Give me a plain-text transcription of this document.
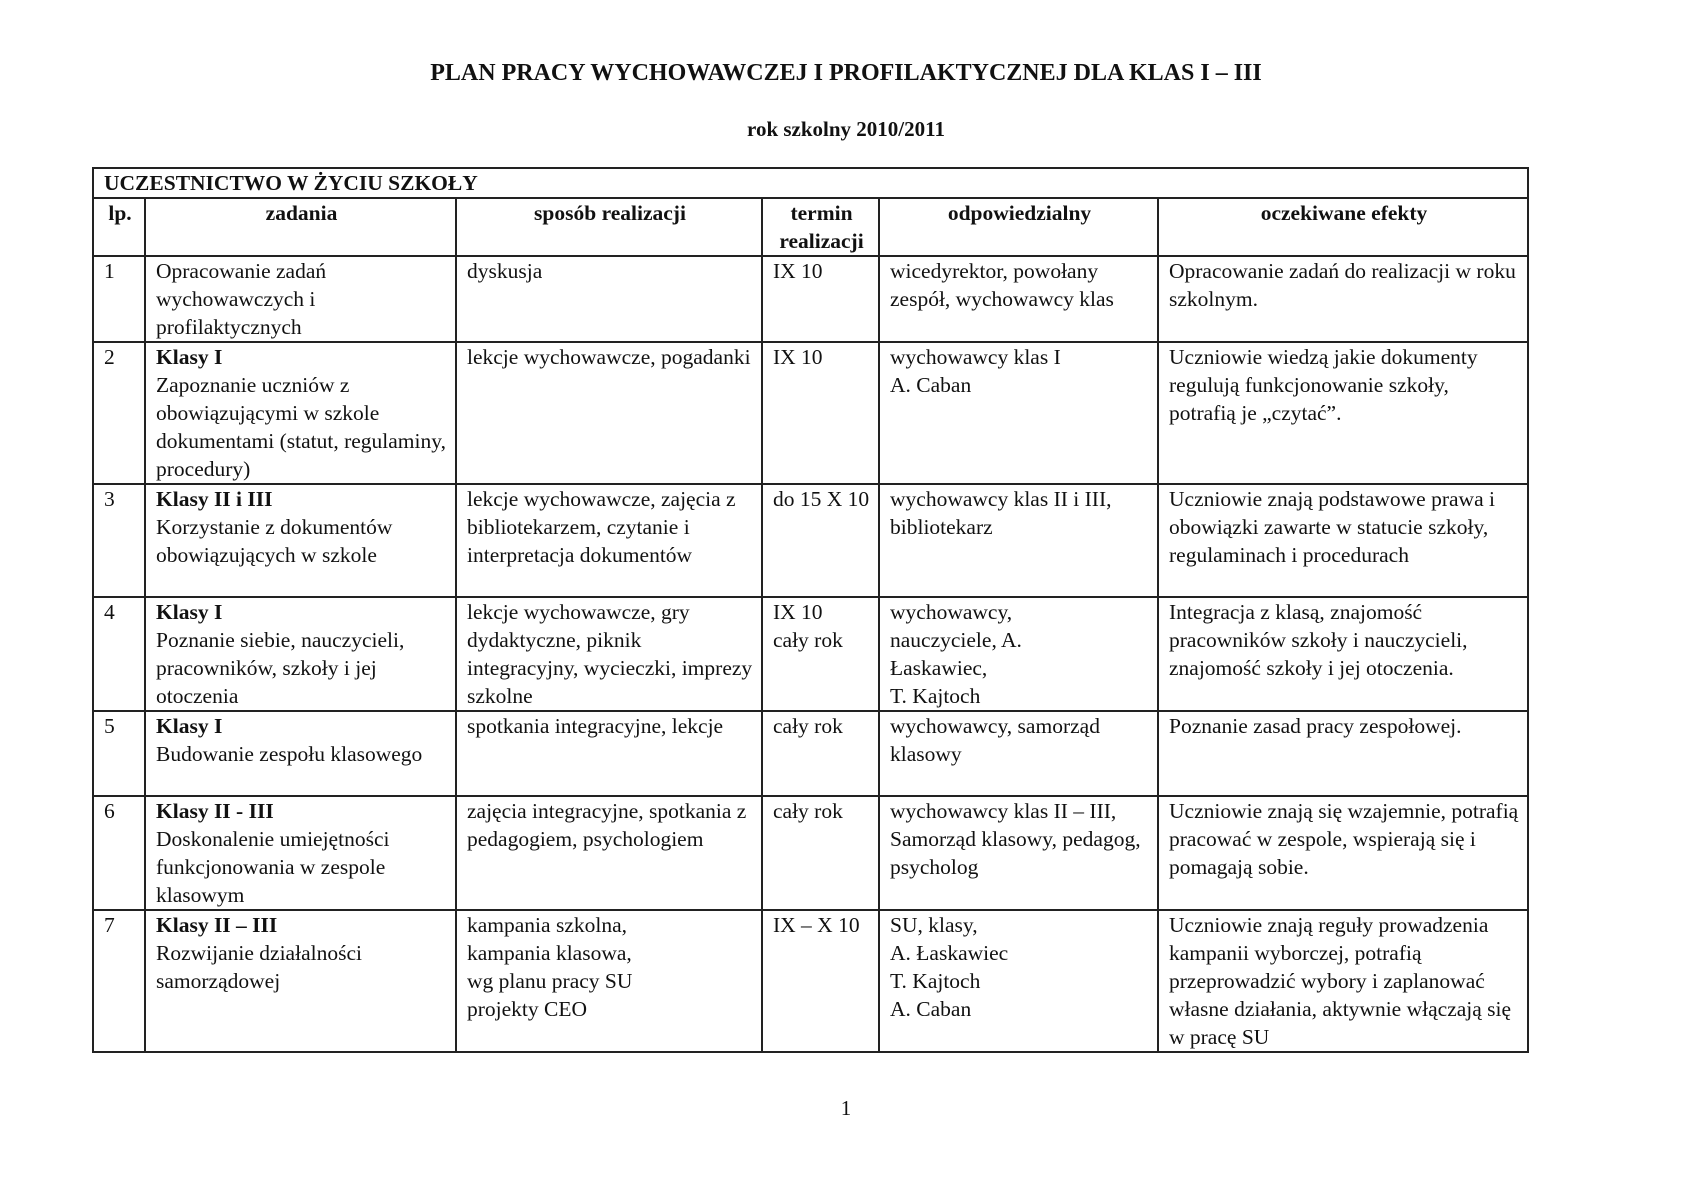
PLAN PRACY WYCHOWAWCZEJ I PROFILAKTYCZNEJ DLA KLAS I – III
rok szkolny 2010/2011
UCZESTNICTWO W ŻYCIU SZKOŁY					
lp.	zadania	sposób realizacji	termin realizacji	odpowiedzialny	oczekiwane efekty
1	Opracowanie zadań wychowawczych i profilaktycznych	dyskusja	IX 10	wicedyrektor, powołany zespół, wychowawcy klas	Opracowanie zadań do realizacji w roku szkolnym.
2	Klasy I
Zapoznanie uczniów z obowiązującymi w szkole dokumentami (statut, regulaminy, procedury)	lekcje wychowawcze, pogadanki	IX 10	wychowawcy klas I
A. Caban	Uczniowie wiedzą jakie dokumenty regulują funkcjonowanie szkoły, potrafią je „czytać”.
3	Klasy II i III
Korzystanie z dokumentów obowiązujących w szkole	lekcje wychowawcze, zajęcia z bibliotekarzem, czytanie i interpretacja dokumentów	do 15 X 10	wychowawcy klas II i III, bibliotekarz	Uczniowie znają podstawowe prawa i obowiązki zawarte w statucie szkoły, regulaminach i procedurach
4	Klasy I
Poznanie siebie, nauczycieli, pracowników, szkoły i jej otoczenia	lekcje wychowawcze, gry dydaktyczne, piknik integracyjny, wycieczki, imprezy szkolne	IX 10
cały rok	wychowawcy,
nauczyciele, A.
Łaskawiec,
T. Kajtoch	Integracja z klasą, znajomość pracowników szkoły i nauczycieli, znajomość szkoły i jej otoczenia.
5	Klasy I
Budowanie zespołu klasowego	spotkania integracyjne, lekcje	cały rok	wychowawcy, samorząd klasowy	Poznanie zasad pracy zespołowej.
6	Klasy II - III
Doskonalenie umiejętności funkcjonowania w zespole klasowym	zajęcia integracyjne, spotkania z pedagogiem, psychologiem	cały rok	wychowawcy klas II – III, Samorząd klasowy, pedagog, psycholog	Uczniowie znają się wzajemnie, potrafią pracować w zespole, wspierają się i pomagają sobie.
7	Klasy II – III
Rozwijanie działalności samorządowej	kampania szkolna,
kampania klasowa,
wg planu pracy SU
projekty CEO	IX – X 10	SU, klasy,
A. Łaskawiec
T. Kajtoch
A. Caban	Uczniowie znają reguły prowadzenia kampanii wyborczej, potrafią przeprowadzić wybory i zaplanować własne działania, aktywnie włączają się w pracę SU
1
